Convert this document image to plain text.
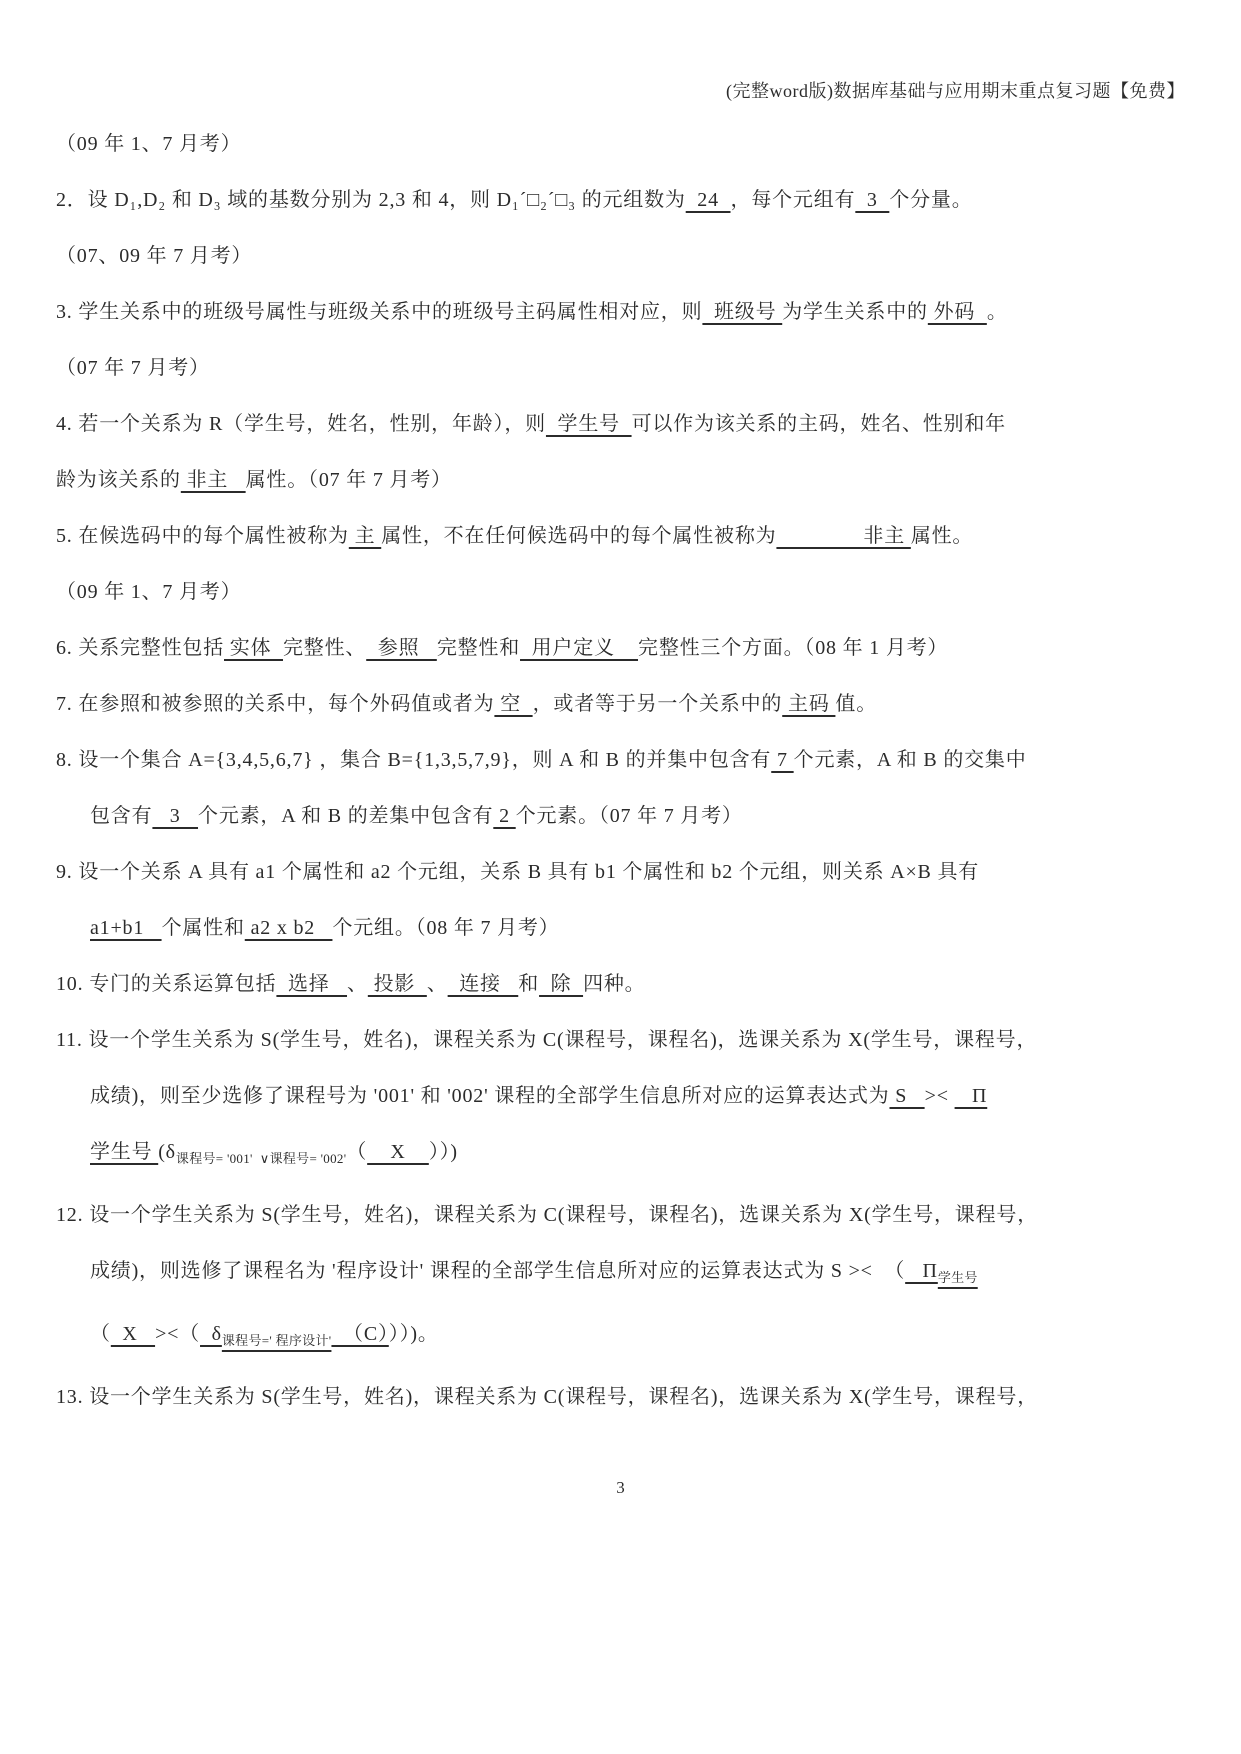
(完整word版)数据库基础与应用期末重点复习题【免费】
（09 年 1、7 月考）
2．设 D₁,D₂ 和 D₃ 域的基数分别为 2,3 和 4，则 D₁´□₂´□₃ 的元组数为  24  ，每个元组有  3  个分量。
（07、09 年 7 月考）
3. 学生关系中的班级号属性与班级关系中的班级号主码属性相对应，则  班级号 为学生关系中的 外码  。
（07 年 7 月考）
4. 若一个关系为 R（学生号，姓名，性别，年龄），则  学生号  可以作为该关系的主码，姓名、性别和年
龄为该关系的 非主   属性。（07 年 7 月考）
5. 在候选码中的每个属性被称为 主 属性，不在任何候选码中的每个属性被称为               非主 属性。
（09 年 1、7 月考）
6. 关系完整性包括 实体  完整性、  参照   完整性和  用户定义    完整性三个方面。（08 年 1 月考）
7. 在参照和被参照的关系中，每个外码值或者为 空  ，或者等于另一个关系中的 主码 值。
8. 设一个集合 A={3,4,5,6,7} ，集合 B={1,3,5,7,9}，则 A 和 B 的并集中包含有 7 个元素，A 和 B 的交集中
包含有   3   个元素，A 和 B 的差集中包含有 2 个元素。（07 年 7 月考）
9. 设一个关系 A 具有 a1 个属性和 a2 个元组，关系 B 具有 b1 个属性和 b2 个元组，则关系 A×B 具有
a1+b1   个属性和 a2 x b2   个元组。（08 年 7 月考）
10. 专门的关系运算包括  选择   、 投影  、  连接   和  除  四种。
11. 设一个学生关系为 S(学生号，姓名)，课程关系为 C(课程号，课程名)，选课关系为 X(学生号，课程号，
成绩)，则至少选修了课程号为 '001' 和 '002' 课程的全部学生信息所对应的运算表达式为 S   ><    Π
学生号 ($\delta_{课程号= '001' \vee 课程号= '002'}$（    X    ））)
12. 设一个学生关系为 S(学生号，姓名)，课程关系为 C(课程号，课程名)，选课关系为 X(学生号，课程号，
成绩)，则选修了课程名为 '程序设计' 课程的全部学生信息所对应的运算表达式为 S ><  （   $\Pi_{学生号}$
（  X   ><（  $\delta_{课程号=' 程序设计'}$  （C）））)。
13. 设一个学生关系为 S(学生号，姓名)，课程关系为 C(课程号，课程名)，选课关系为 X(学生号，课程号，
3
